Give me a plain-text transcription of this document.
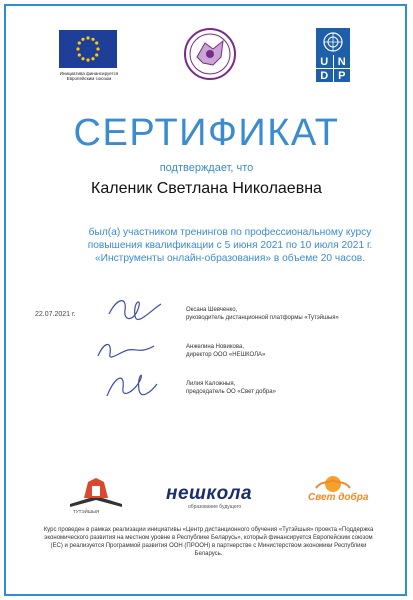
Инициатива финансируется Европейским союзом
U N
D P
СЕРТИФИКАТ
подтверждает, что
Каленик Светлана Николаевна
был(а) участником тренингов по профессиональному курсу
повышения квалификации с 5 июня 2021 по 10 июля 2021 г.
«Инструменты онлайн-образования» в объеме 20 часов.
22.07.2021 г.
Оксана Шевченко,
руководитель дистанционной платформы «Тутэйшыя»
Анжелина Новикова,
директор ООО «НЕШКОЛА»
Лилия Каложныя,
председатель ОО «Свет добра»
ТУТЭЙШЫЯ
нешкола
образование будущего
Свет добра
Курс проведен в рамках реализации инициативы «Центр дистанционного обучения «Тутэйшыя» проекта «Поддержка экономического развития на местном уровне в Республике Беларусь», который финансируется Европейским союзом (ЕС) и реализуется Программой развития ООН (ПРООН) в партнерстве с Министерством экономики Республики Беларусь.
